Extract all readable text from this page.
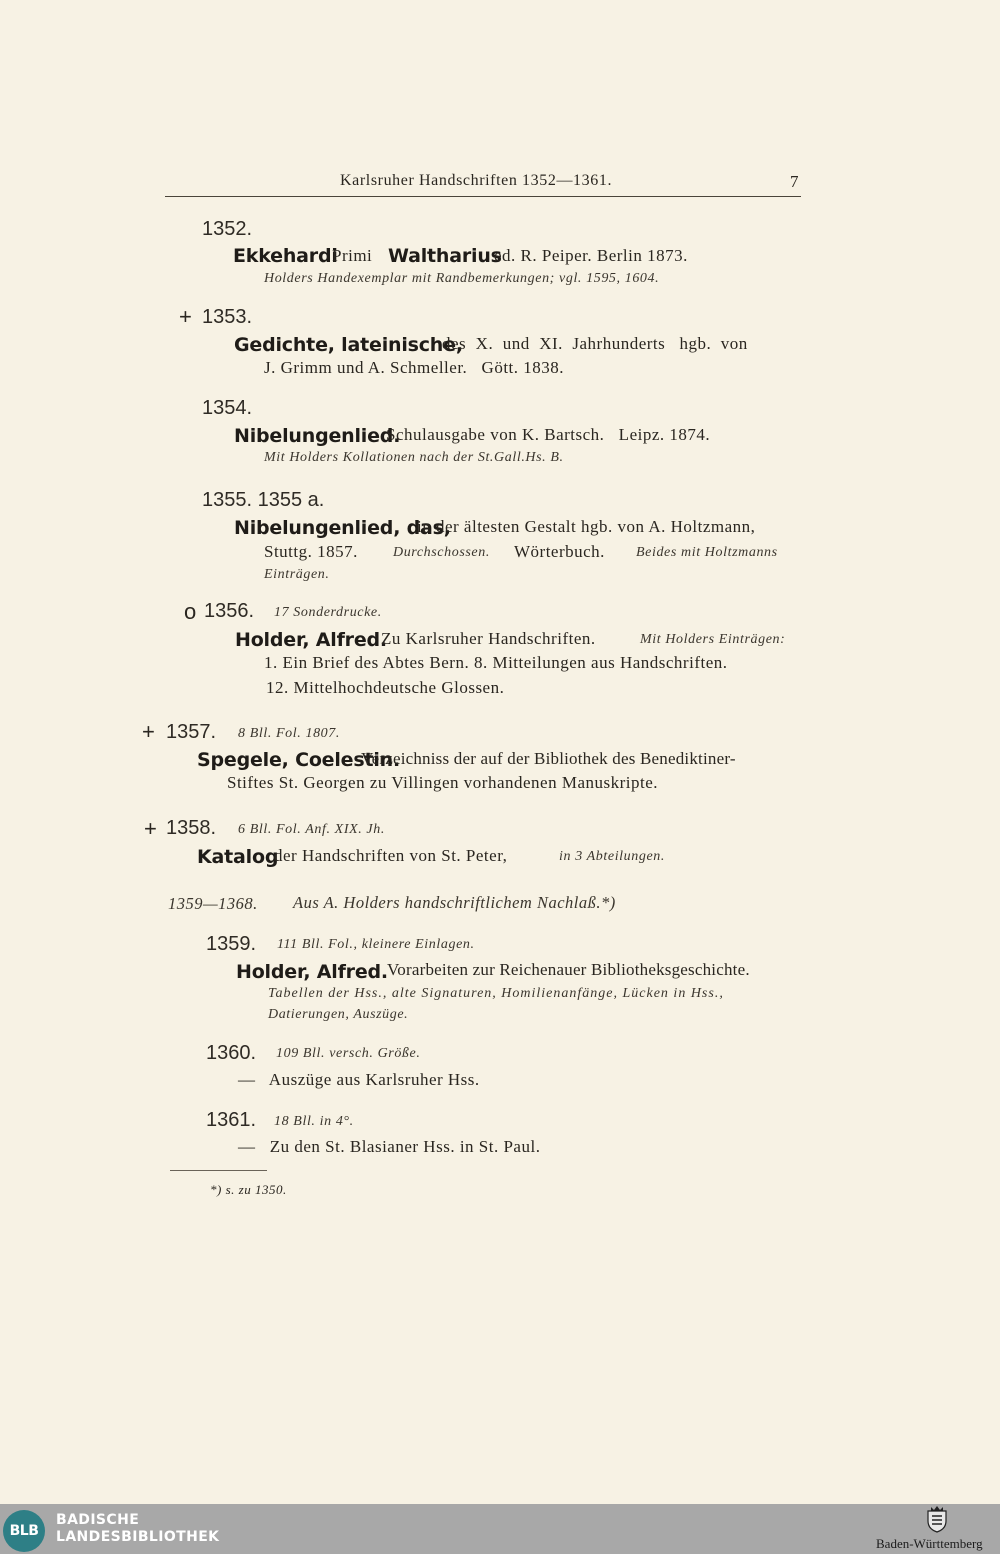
Karlsruher Handschriften 1352—1361.	7
1352.
Ekkehardi
Primi Waltharius
ed. R. Peiper. Berlin 1873.
Holders Handexemplar mit Randbemerkungen; vgl. 1595, 1604.
+ 1353.
Gedichte, lateinische,
des  X.  und  XI.  Jahrhunderts   hgb.  von
J. Grimm und A. Schmeller.   Gött. 1838.
1354.
Nibelungenlied.
Schulausgabe von K. Bartsch.   Leipz. 1874.
Mit Holders Kollationen nach der St.Gall.Hs. B.
1355. 1355 a.
Nibelungenlied, das,
in der ältesten Gestalt hgb. von A. Holtzmann,
Stuttg. 1857.	Durchschossen. Wörterbuch. Beides mit Holtzmanns
Einträgen.
o 1356. 17 Sonderdrucke.
Holder, Alfred.
Zu Karlsruher Handschriften.	Mit Holders Einträgen:
1. Ein Brief des Abtes Bern. 8. Mitteilungen aus Handschriften.
12. Mittelhochdeutsche Glossen.
+ 1357. 8 Bll. Fol. 1807.
Spegele, Coelestin.
Verzeichniss der auf der Bibliothek des Benediktiner-
Stiftes St. Georgen zu Villingen vorhandenen Manuskripte.
+ 1358. 6 Bll. Fol. Anf. XIX. Jh.
Katalog
der Handschriften von St. Peter,	in 3 Abteilungen.
1359—1368. Aus A. Holders handschriftlichem Nachlaß.*)
1359. 111 Bll. Fol., kleinere Einlagen.
Holder, Alfred. Vorarbeiten zur Reichenauer Bibliotheksgeschichte.
Tabellen der Hss., alte Signaturen, Homilienanfänge, Lücken in Hss.,
Datierungen, Auszüge.
1360. 109 Bll. versch. Größe.
—   Auszüge aus Karlsruher Hss.
1361. 18 Bll. in 4°.
—   Zu den St. Blasianer Hss. in St. Paul.
*) s. zu 1350.
BLB
BADISCHE
LANDESBIBLIOTHEK	Baden-Württemberg
